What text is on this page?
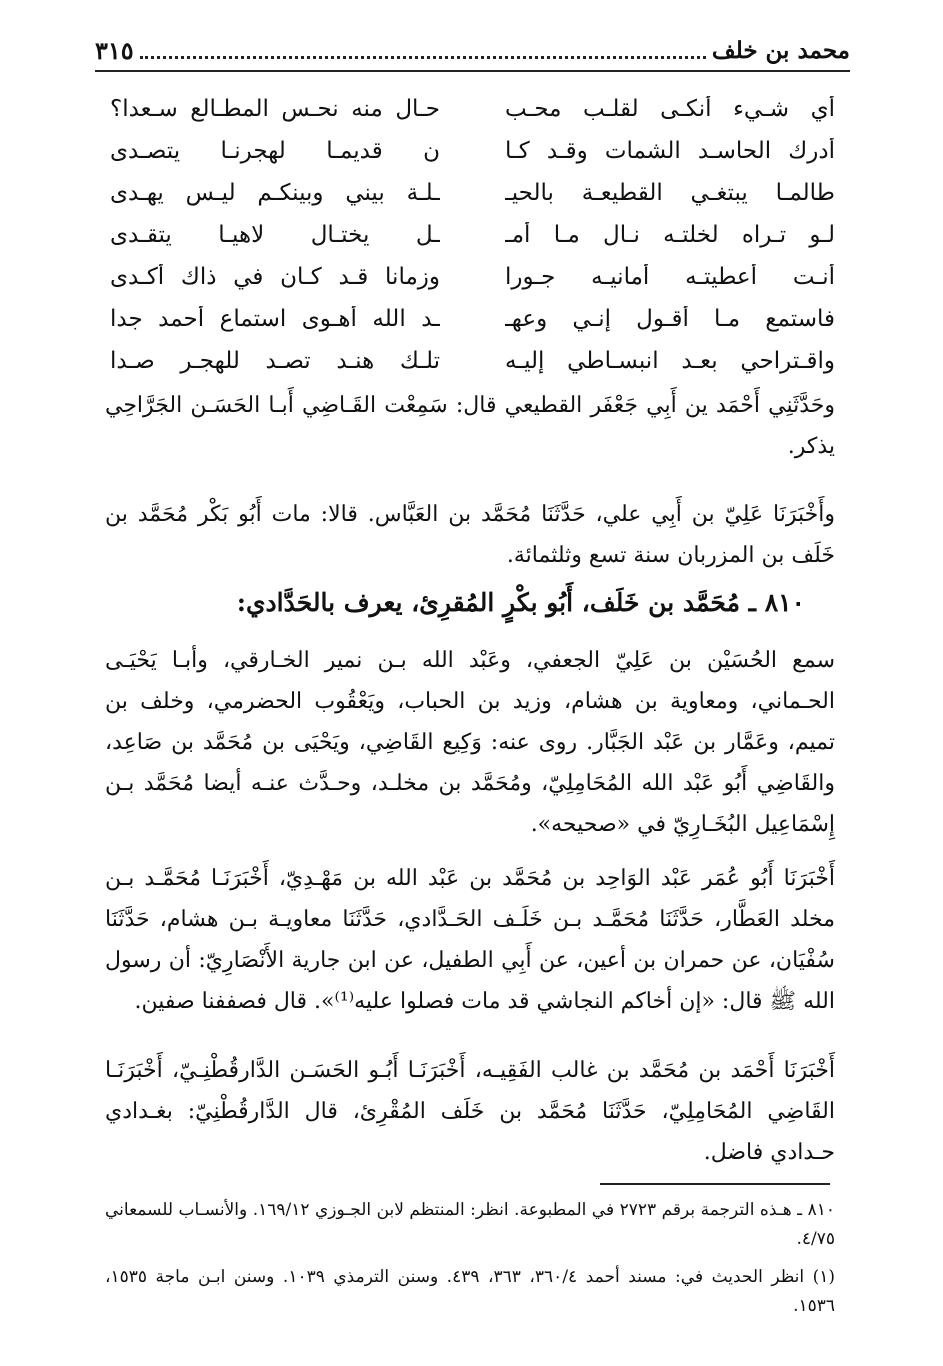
محمد بن خلف
٣١٥
أي شـيء أنكـى لقلـب محـب
حـال منه نحـس المطـالع سـعدا؟
أدرك الحاسـد الشمات وقـد كـا
ن قديمـا لهجرنـا يتصـدى
طالمـا يبتغـي القطيعـة بالحيـ
ـلـة بيني وبينكـم ليـس يهـدى
لـو تـراه لخلتـه نـال مـا أمـ
ـل يختـال لاهيـا يتقـدى
أنـت أعطيتـه أمانيـه جـورا
وزمانا قـد كـان في ذاك أكـدى
فاستمع مـا أقـول إنـي وعهـ
ـد الله أهـوى استماع أحمد جدا
واقـتراحي بعـد انبسـاطي إليـه
تلـك هنـد تصـد للهجـر صـدا

وحَدَّثَنِي أَحْمَد ين أَبِي جَعْفَر القطيعي قال: سَمِعْت القَـاضِي أَبـا الحَسَـن الجَرَّاحِي يذكر.

وأَخْبَرَنَا عَلِيّ بن أَبِي علي، حَدَّثَنَا مُحَمَّد بن العَبَّاس. قالا: مات أَبُو بَكْر مُحَمَّد بن خَلَف بن المزربان سنة تسع وثلثمائة.

٨١٠ ـ مُحَمَّد بن خَلَف، أَبُو بكْرٍ المُقرِئ، يعرف بالحَدَّادي:

سمع الحُسَيْن بن عَلِيّ الجعفي، وعَبْد الله بـن نمير الخـارقي، وأبـا يَحْيَـى الحـماني، ومعاوية بن هشام، وزيد بن الحباب، ويَعْقُوب الحضرمي، وخلف بن تميم، وعَمَّار بن عَبْد الجَبَّار. روى عنه: وَكِيع القَاضِي، ويَحْيَى بن مُحَمَّد بن صَاعِد، والقَاضِي أَبُو عَبْد الله المُحَامِلِيّ، ومُحَمَّد بن مخلـد، وحـدَّث عنـه أيضا مُحَمَّد بـن إِسْمَاعِيل البُخَـارِيّ في «صحيحه».

أَخْبَرَنَا أَبُو عُمَر عَبْد الوَاحِد بن مُحَمَّد بن عَبْد الله بن مَهْـدِيّ، أَخْبَرَنَـا مُحَمَّـد بـن مخلد العَطَّار، حَدَّثَنَا مُحَمَّـد بـن خَلَـف الحَـدَّادي، حَدَّثَنَا معاويـة بـن هشام، حَدَّثَنَا سُفْيَان، عن حمران بن أعين، عن أَبِي الطفيل، عن ابن جارية الأَنْصَارِيّ: أن رسول الله ﷺ قال: «إن أخاكم النجاشي قد مات فصلوا عليه⁽¹⁾». قال فصففنا صفين.

أَخْبَرَنَا أَحْمَد بن مُحَمَّد بن غالب الفَقِيـه، أَخْبَرَنَـا أَبُـو الحَسَـن الدَّارقُطْنِـيّ، أَخْبَرَنَـا القَاضِي المُحَامِلِيّ، حَدَّثَنَا مُحَمَّد بن خَلَف المُقْرِئ، قال الدَّارقُطْنِيّ: بغـدادي حـدادي فاضل.

٨١٠ ـ هـذه الترجمة برقم ٢٧٢٣ في المطبوعة. انظر: المنتظم لابن الجـوزي ١٦٩/١٢. والأنسـاب للسمعاني ٤/٧٥.

(١) انظر الحديث في: مسند أحمد ٣٦٠/٤، ٣٦٣، ٤٣٩. وسنن الترمذي ١٠٣٩. وسنن ابـن ماجة ١٥٣٥، ١٥٣٦.
